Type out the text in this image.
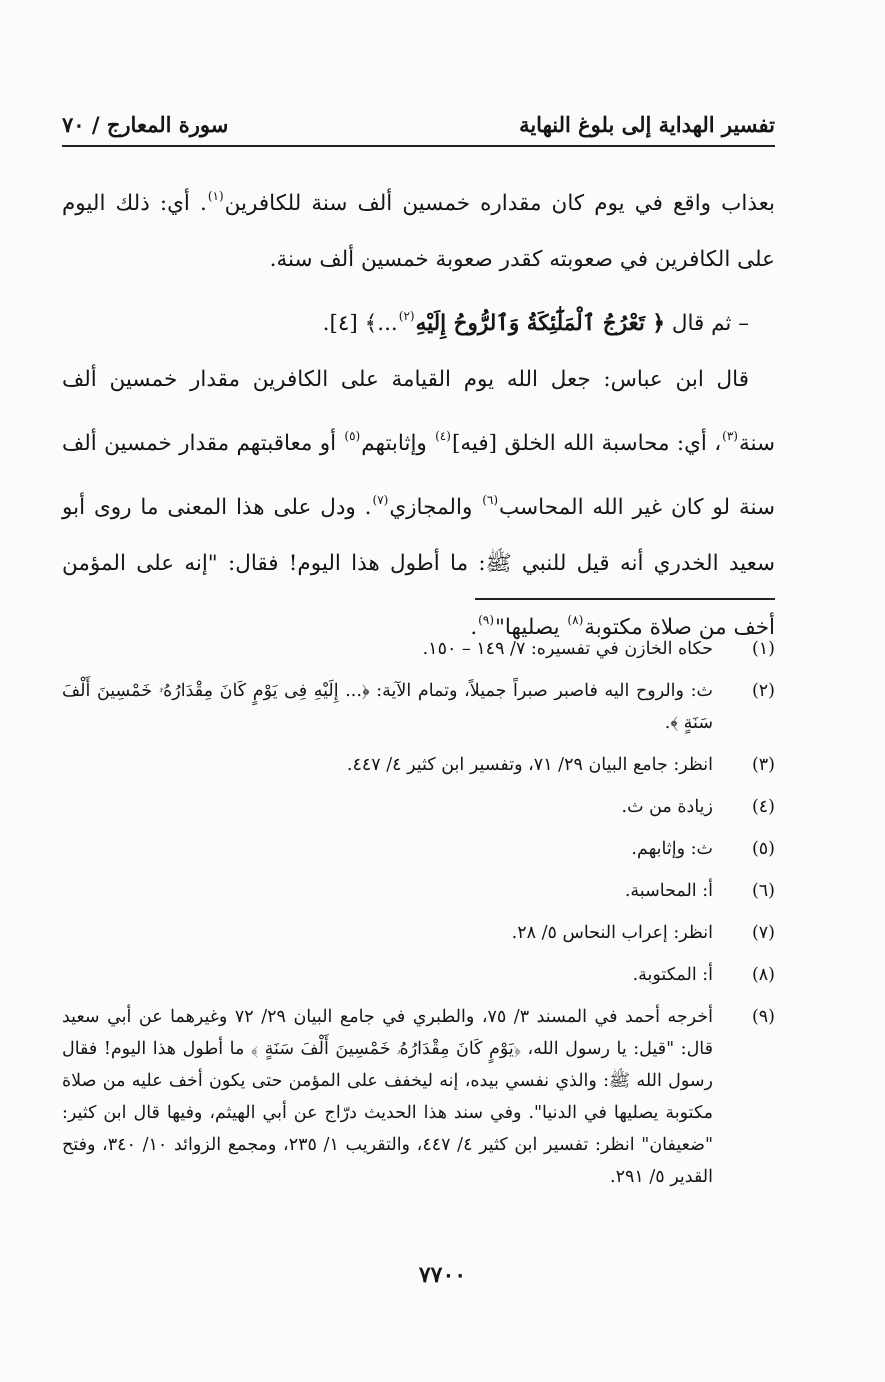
تفسير الهداية إلى بلوغ النهاية
سورة المعارج / ٧٠

بعذاب واقع في يوم كان مقداره خمسين ألف سنة للكافرين$^{(١)}$. أي: ذلك اليوم على الكافرين في صعوبته كقدر صعوبة خمسين ألف سنة.

– ثم قال ﴿ تَعْرُجُ ٱلْمَلَٰٓئِكَةُ وَٱلرُّوحُ إِلَيْهِ$^{(٢)}$...﴾ [٤].

قال ابن عباس: جعل الله يوم القيامة على الكافرين مقدار خمسين ألف سنة$^{(٣)}$، أي: محاسبة الله الخلق [فيه]$^{(٤)}$ وإثابتهم$^{(٥)}$ أو معاقبتهم مقدار خمسين ألف سنة لو كان غير الله المحاسب$^{(٦)}$ والمجازي$^{(٧)}$. ودل على هذا المعنى ما روى أبو سعيد الخدري أنه قيل للنبي ﷺ: ما أطول هذا اليوم! فقال: "إنه على المؤمن أخف من صلاة مكتوبة$^{(٨)}$ يصليها"$^{(٩)}$.

(١)
حكاه الخازن في تفسيره: ٧/ ١٤٩ – ١٥٠.
(٢)
ث: والروح اليه فاصبر صبراً جميلاً، وتمام الآية: ﴿... إِلَيْهِ فِى يَوْمٍ كَانَ مِقْدَارُهُۥ خَمْسِينَ أَلْفَ سَنَةٍ ﴾.
(٣)
انظر: جامع البيان ٢٩/ ٧١، وتفسير ابن كثير ٤/ ٤٤٧.
(٤)
زيادة من ث.
(٥)
ث: وإثابهم.
(٦)
أ: المحاسبة.
(٧)
انظر: إعراب النحاس ٥/ ٢٨.
(٨)
أ: المكتوبة.
(٩)
أخرجه أحمد في المسند ٣/ ٧٥، والطبري في جامع البيان ٢٩/ ٧٢ وغيرهما عن أبي سعيد قال: "قيل: يا رسول الله، ﴿يَوْمٍ كَانَ مِقْدَارُهُۥ خَمْسِينَ أَلْفَ سَنَةٍ ﴾ ما أطول هذا اليوم! فقال رسول الله ﷺ: والذي نفسي بيده، إنه ليخفف على المؤمن حتى يكون أخف عليه من صلاة مكتوبة يصليها في الدنيا". وفي سند هذا الحديث درّاج عن أبي الهيثم، وفيها قال ابن كثير: "ضعيفان" انظر: تفسير ابن كثير ٤/ ٤٤٧، والتقريب ١/ ٢٣٥، ومجمع الزوائد ١٠/ ٣٤٠، وفتح القدير ٥/ ٢٩١.
٧٧٠٠
